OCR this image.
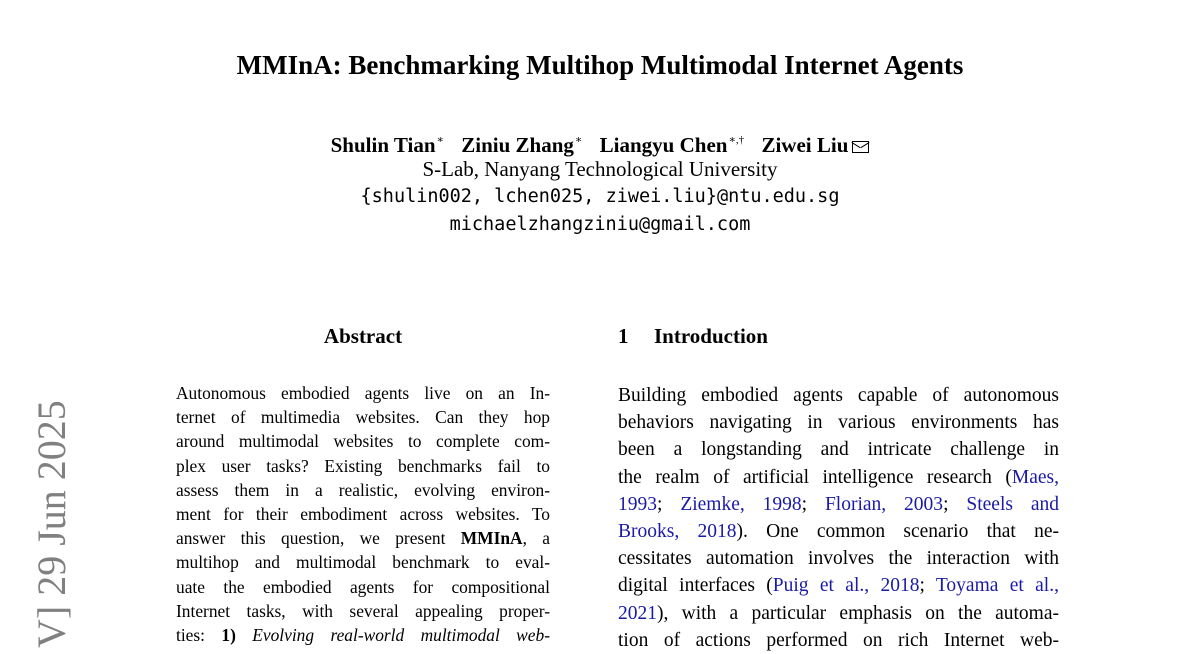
V] 29 Jun 2025
MMInA: Benchmarking Multihop Multimodal Internet Agents
Shulin Tian∗ Ziniu Zhang∗ Liangyu Chen∗,† Ziwei Liu
S-Lab, Nanyang Technological University
{shulin002, lchen025, ziwei.liu}@ntu.edu.sg
michaelzhangziniu@gmail.com
Abstract
Autonomous embodied agents live on an In-
ternet of multimedia websites. Can they hop
around multimodal websites to complete com-
plex user tasks? Existing benchmarks fail to
assess them in a realistic, evolving environ-
ment for their embodiment across websites. To
answer this question, we present MMInA, a
multihop and multimodal benchmark to eval-
uate the embodied agents for compositional
Internet tasks, with several appealing proper-
ties: 1) Evolving real-world multimodal web-
1 Introduction
Building embodied agents capable of autonomous
behaviors navigating in various environments has
been a longstanding and intricate challenge in
the realm of artificial intelligence research (Maes,
1993; Ziemke, 1998; Florian, 2003; Steels and
Brooks, 2018). One common scenario that ne-
cessitates automation involves the interaction with
digital interfaces (Puig et al., 2018; Toyama et al.,
2021), with a particular emphasis on the automa-
tion of actions performed on rich Internet web-
